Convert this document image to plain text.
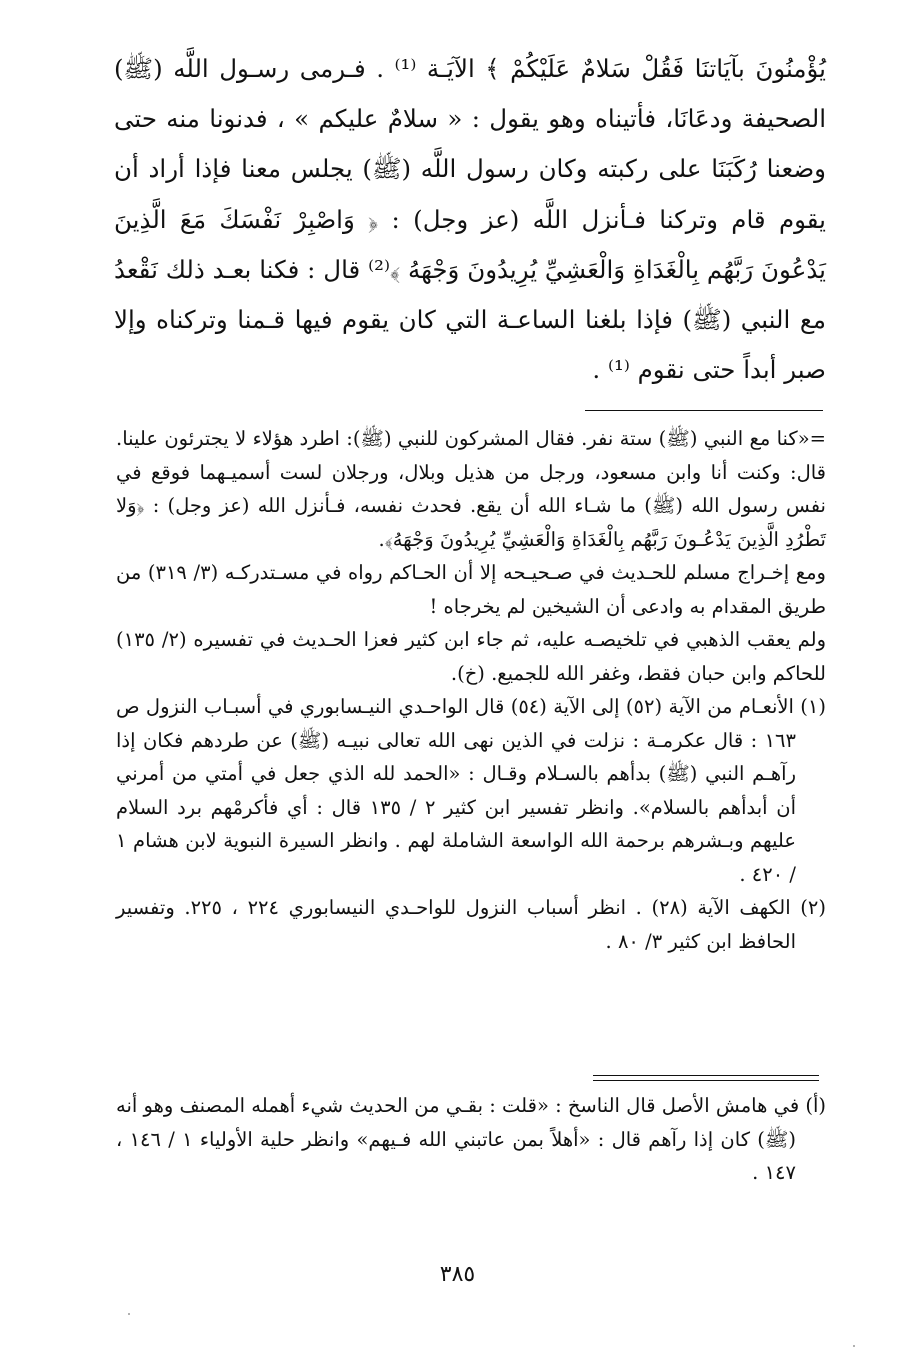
يُؤْمنُونَ بآيَاتنَا فَقُلْ سَلامٌ عَلَيْكُمْ ﴾ الآيَـة ⁽¹⁾ . فـرمى رسـول اللَّه (ﷺ) الصحيفة ودعَانَا، فأتيناه وهو يقول : « سلامٌ عليكم » ، فدنونا منه حتى وضعنا رُكَبَنَا على ركبته وكان رسول اللَّه (ﷺ) يجلس معنا فإذا أراد أن يقوم قام وتركنا فـأنزل اللَّه (عز وجل) : ﴿ وَاصْبِرْ نَفْسَكَ مَعَ الَّذِينَ يَدْعُونَ رَبَّهُم بِالْغَدَاةِ وَالْعَشِيِّ يُرِيدُونَ وَجْهَهُ ﴾⁽²⁾ قال : فكنا بعـد ذلك نَقْعدُ مع النبي (ﷺ) فإذا بلغنا الساعـة التي كان يقوم فيها قـمنا وتركناه وإلا صبر أبداً حتى نقوم ⁽¹⁾ .

=«كنا مع النبي (ﷺ) ستة نفر. فقال المشركون للنبي (ﷺ): اطرد هؤلاء لا يجترئون علينا. قال: وكنت أنا وابن مسعود، ورجل من هذيل وبلال، ورجلان لست أسميـهما فوقع في نفس رسول الله (ﷺ) ما شـاء الله أن يقع. فحدث نفسه، فـأنزل الله (عز وجل) : ﴿وَلا تَطْرُدِ الَّذِينَ يَدْعُـونَ رَبَّهُم بِالْغَدَاةِ وَالْعَشِيِّ يُرِيدُونَ وَجْهَهُ﴾.

ومع إخـراج مسلم للحـديث في صـحيـحه إلا أن الحـاكم رواه في مسـتدركـه (٣/ ٣١٩) من طريق المقدام به وادعى أن الشيخين لم يخرجاه !

ولم يعقب الذهبي في تلخيصـه عليه، ثم جاء ابن كثير فعزا الحـديث في تفسيره (٢/ ١٣٥) للحاكم وابن حبان فقط، وغفر الله للجميع. (خ).

(١) الأنعـام من الآية (٥٢) إلى الآية (٥٤) قال الواحـدي النيـسابوري في أسبـاب النزول ص ١٦٣ : قال عكرمـة : نزلت في الذين نهى الله تعالى نبيـه (ﷺ) عن طردهم فكان إذا رآهـم النبي (ﷺ) بدأهم بالسـلام وقـال : «الحمد لله الذي جعل في أمتي من أمرني أن أبدأهم بالسلام». وانظر تفسير ابن كثير ٢ / ١٣٥ قال : أي فأكرمْهم برد السلام عليهم وبـشرهم برحمة الله الواسعة الشاملة لهم . وانظر السيرة النبوية لابن هشام ١ / ٤٢٠ .

(٢) الكهف الآية (٢٨) . انظر أسباب النزول للواحـدي النيسابوري ٢٢٤ ، ٢٢٥. وتفسير الحافظ ابن كثير ٣/ ٨٠ .

(أ) في هامش الأصل قال الناسخ : «قلت : بقـي من الحديث شيء أهمله المصنف وهو أنه (ﷺ) كان إذا رآهم قال : «أهلاً بمن عاتبني الله فـيهم» وانظر حلية الأولياء ١ / ١٤٦ ، ١٤٧ .

٣٨٥
